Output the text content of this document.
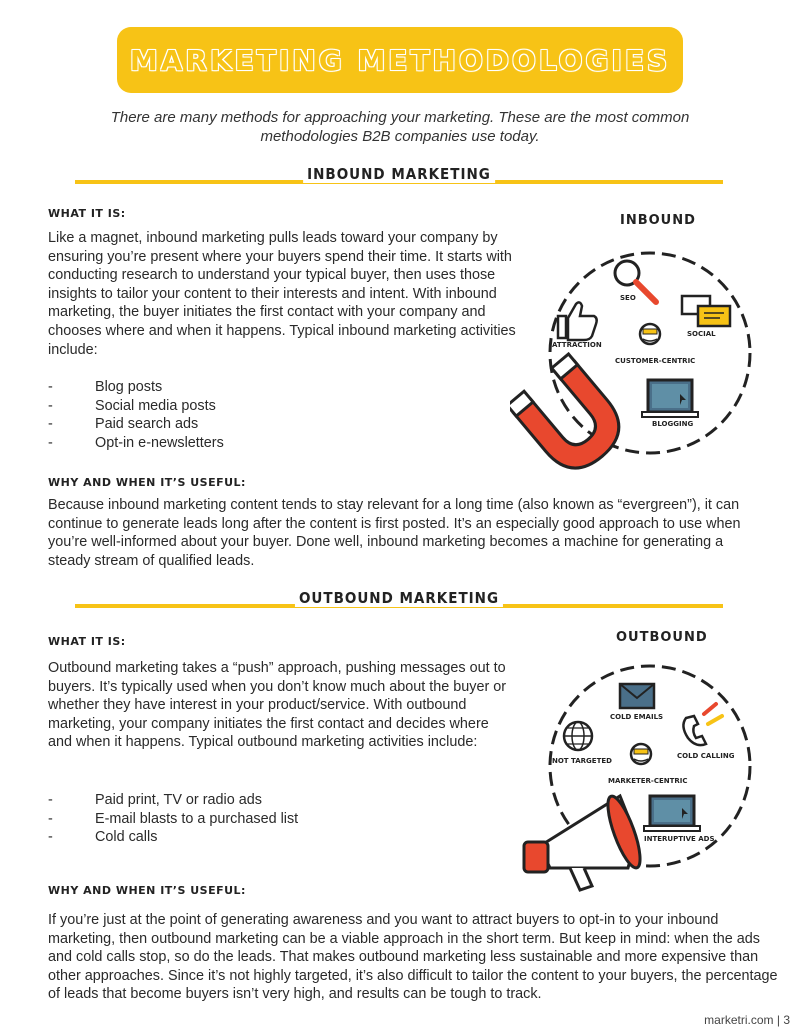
MARKETING METHODOLOGIES
There are many methods for approaching your marketing. These are the most common methodologies B2B companies use today.
INBOUND MARKETING
WHAT IT IS:
Like a magnet, inbound marketing pulls leads toward your company by ensuring you’re present where your buyers spend their time. It starts with conducting research to understand your typical buyer, then uses those insights to tailor your content to their interests and intent. With inbound marketing, the buyer initiates the first contact with your company and chooses where and when it happens. Typical inbound marketing activities include:
-	Blog posts
-	Social media posts
-	Paid search ads
-	Opt-in e-newsletters
WHY AND WHEN IT’S USEFUL:
Because inbound marketing content tends to stay relevant for a long time (also known as “evergreen”), it can continue to generate leads long after the content is first posted. It’s an especially good approach to use when you’re well-informed about your buyer. Done well, inbound marketing becomes a machine for generating a steady stream of qualified leads.
INBOUND
SEO
SOCIAL
ATTRACTION
CUSTOMER-CENTRIC
BLOGGING
OUTBOUND MARKETING
WHAT IT IS:
Outbound marketing takes a “push” approach, pushing messages out to buyers. It’s typically used when you don’t know much about the buyer or whether they have interest in your product/service. With outbound marketing, your company initiates the first contact and decides where and when it happens. Typical outbound marketing activities include:
-	Paid print, TV or radio ads
-	E-mail blasts to a purchased list
-	Cold calls
WHY AND WHEN IT’S USEFUL:
If you’re just at the point of generating awareness and you want to attract buyers to opt-in to your inbound marketing, then outbound marketing can be a viable approach in the short term. But keep in mind: when the ads and cold calls stop, so do the leads. That makes outbound marketing less sustainable and more expensive than other approaches. Since it’s not highly targeted, it’s also difficult to tailor the content to your buyers, the percentage of leads that become buyers isn’t very high, and results can be tough to track.
OUTBOUND
COLD EMAILS
COLD CALLING
NOT TARGETED
MARKETER-CENTRIC
INTERUPTIVE ADS
marketri.com | 3
